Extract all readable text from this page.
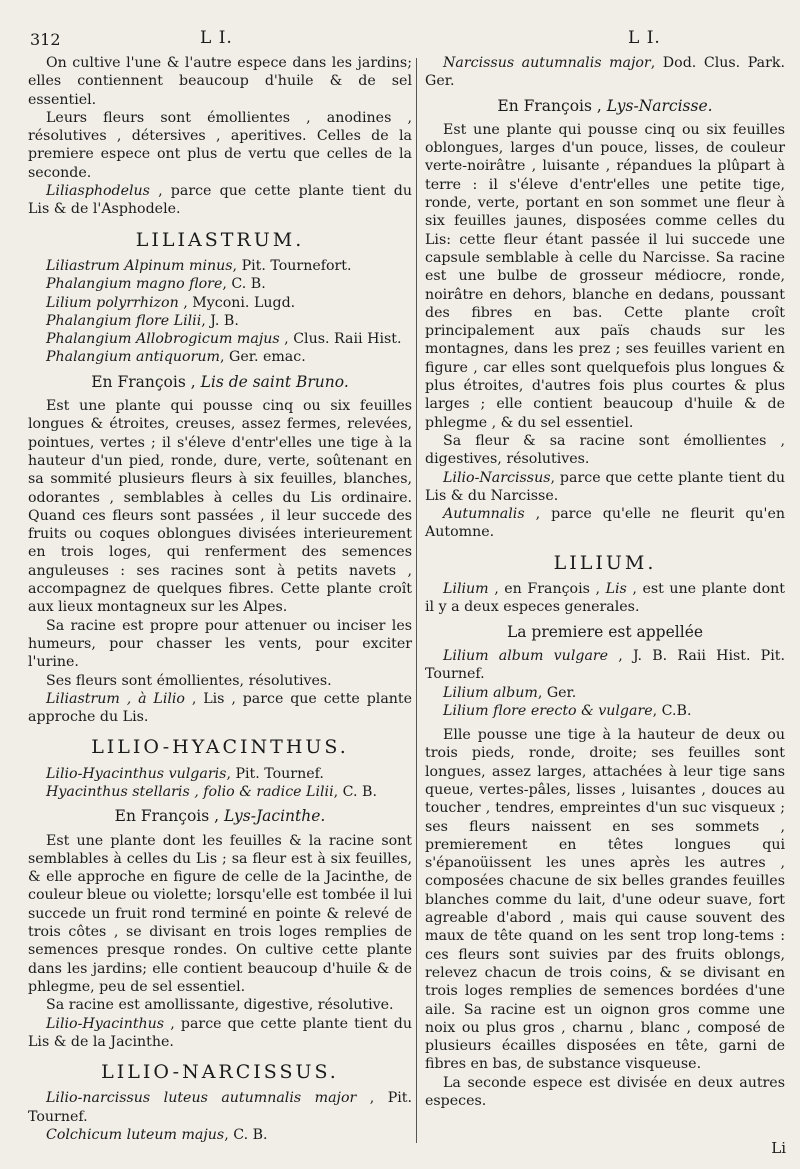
312	L I.	L I.

On cultive l'une & l'autre espece dans les jardins; elles contiennent beaucoup d'huile & de sel essentiel.

Leurs fleurs sont émollientes , anodines , résolutives , détersives , aperitives. Celles de la premiere espece ont plus de vertu que celles de la seconde.

Liliasphodelus , parce que cette plante tient du Lis & de l'Asphodele.

LILIASTRUM.

Liliastrum Alpinum minus, Pit. Tournefort.

Phalangium magno flore, C. B.

Lilium polyrrhizon , Myconi. Lugd.

Phalangium flore Lilii, J. B.

Phalangium Allobrogicum majus , Clus. Raii Hist.

Phalangium antiquorum, Ger. emac.

En François , Lis de saint Bruno.

Est une plante qui pousse cinq ou six feuilles longues & étroites, creuses, assez fermes, relevées, pointues, vertes ; il s'éleve d'entr'elles une tige à la hauteur d'un pied, ronde, dure, verte, soûtenant en sa sommité plusieurs fleurs à six feuilles, blanches, odorantes , semblables à celles du Lis ordinaire. Quand ces fleurs sont passées , il leur succede des fruits ou coques oblongues divisées interieurement en trois loges, qui renferment des semences anguleuses : ses racines sont à petits navets , accompagnez de quelques fibres. Cette plante croît aux lieux montagneux sur les Alpes.

Sa racine est propre pour attenuer ou inciser les humeurs, pour chasser les vents, pour exciter l'urine.

Ses fleurs sont émollientes, résolutives.

Liliastrum , à Lilio , Lis , parce que cette plante approche du Lis.

LILIO-HYACINTHUS.

Lilio-Hyacinthus vulgaris, Pit. Tournef.

Hyacinthus stellaris , folio & radice Lilii, C. B.

En François , Lys-Jacinthe.

Est une plante dont les feuilles & la racine sont semblables à celles du Lis ; sa fleur est à six feuilles, & elle approche en figure de celle de la Jacinthe, de couleur bleue ou violette; lorsqu'elle est tombée il lui succede un fruit rond terminé en pointe & relevé de trois côtes , se divisant en trois loges remplies de semences presque rondes. On cultive cette plante dans les jardins; elle contient beaucoup d'huile & de phlegme, peu de sel essentiel.

Sa racine est amollissante, digestive, résolutive.

Lilio-Hyacinthus , parce que cette plante tient du Lis & de la Jacinthe.

LILIO-NARCISSUS.

Lilio-narcissus luteus autumnalis major , Pit. Tournef.

Colchicum luteum majus, C. B.

Narcissus autumnalis major, Dod. Clus. Park. Ger.

En François , Lys-Narcisse.

Est une plante qui pousse cinq ou six feuilles oblongues, larges d'un pouce, lisses, de couleur verte-noirâtre , luisante , répandues la plûpart à terre : il s'éleve d'entr'elles une petite tige, ronde, verte, portant en son sommet une fleur à six feuilles jaunes, disposées comme celles du Lis: cette fleur étant passée il lui succede une capsule semblable à celle du Narcisse. Sa racine est une bulbe de grosseur médiocre, ronde, noirâtre en dehors, blanche en dedans, poussant des fibres en bas. Cette plante croît principalement aux païs chauds sur les montagnes, dans les prez ; ses feuilles varient en figure , car elles sont quelquefois plus longues & plus étroites, d'autres fois plus courtes & plus larges ; elle contient beaucoup d'huile & de phlegme , & du sel essentiel.

Sa fleur & sa racine sont émollientes , digestives, résolutives.

Lilio-Narcissus, parce que cette plante tient du Lis & du Narcisse.

Autumnalis , parce qu'elle ne fleurit qu'en Automne.

LILIUM.

Lilium , en François , Lis , est une plante dont il y a deux especes generales.

La premiere est appellée

Lilium album vulgare , J. B. Raii Hist. Pit. Tournef.

Lilium album, Ger.

Lilium flore erecto & vulgare, C.B.

Elle pousse une tige à la hauteur de deux ou trois pieds, ronde, droite; ses feuilles sont longues, assez larges, attachées à leur tige sans queue, vertes-pâles, lisses , luisantes , douces au toucher , tendres, empreintes d'un suc visqueux ; ses fleurs naissent en ses sommets , premierement en têtes longues qui s'épanoüissent les unes après les autres , composées chacune de six belles grandes feuilles blanches comme du lait, d'une odeur suave, fort agreable d'abord , mais qui cause souvent des maux de tête quand on les sent trop long-tems : ces fleurs sont suivies par des fruits oblongs, relevez chacun de trois coins, & se divisant en trois loges remplies de semences bordées d'une aile. Sa racine est un oignon gros comme une noix ou plus gros , charnu , blanc , composé de plusieurs écailles disposées en tête, garni de fibres en bas, de substance visqueuse.

La seconde espece est divisée en deux autres especes.

Li
